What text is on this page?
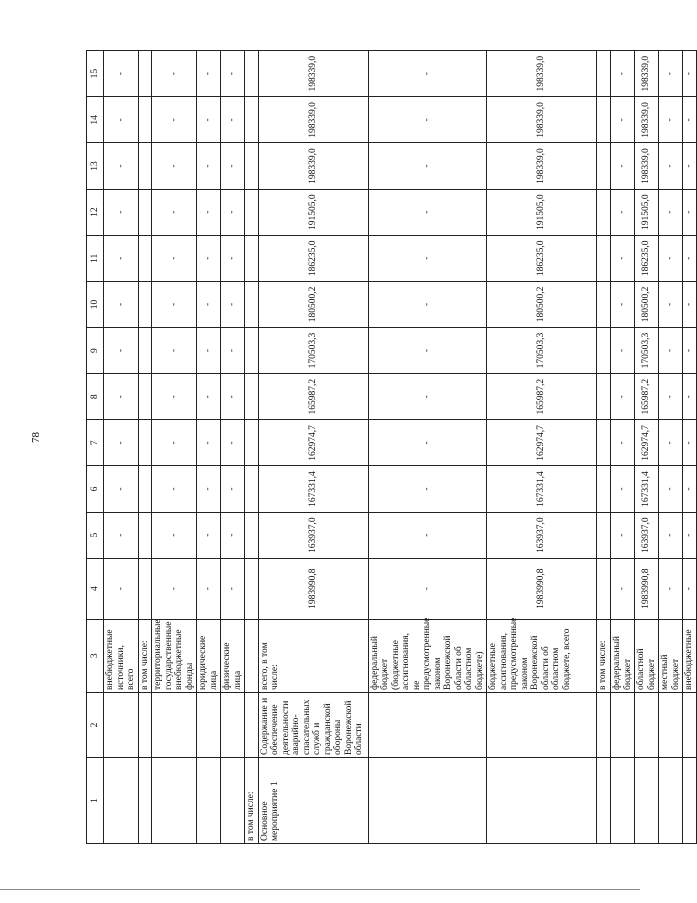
78
1	2	3	4	5	6	7	8	9	10	11	12	13	14	15
		внебюджетные источники, всего	-	-	-	-	-	-	-	-	-	-	-	-
		в том числе:												
		территориальные государственные внебюджетные фонды	-	-	-	-	-	-	-	-	-	-	-	-
		юридические лица	-	-	-	-	-	-	-	-	-	-	-	-
		физические лица	-	-	-	-	-	-	-	-	-	-	-	-
в том числе:														
Основное мероприятие 1	Содержание и обеспечение деятельности аварийно-спасательных служб и гражданской обороны Воронежской области	всего, в том числе:	1983990,8	163937,0	167331,4	162974,7	165987,2	170503,3	180500,2	186235,0	191505,0	198339,0	198339,0	198339,0
		федеральный бюджет (бюджетные ассигнования, не предусмотренные законом Воронежской области об областном бюджете)	-	-	-	-	-	-	-	-	-	-	-	-
		бюджетные ассигнования, предусмотренные законом Воронежской области об областном бюджете, всего	1983990,8	163937,0	167331,4	162974,7	165987,2	170503,3	180500,2	186235,0	191505,0	198339,0	198339,0	198339,0
		в том числе:												
		федеральный бюджет	-	-	-	-	-	-	-	-	-	-	-	-
		областной бюджет	1983990,8	163937,0	167331,4	162974,7	165987,2	170503,3	180500,2	186235,0	191505,0	198339,0	198339,0	198339,0
		местный бюджет	-	-	-	-	-	-	-	-	-	-	-	-
		внебюджетные	-	-	-	-	-	-	-	-	-	-	-	-
